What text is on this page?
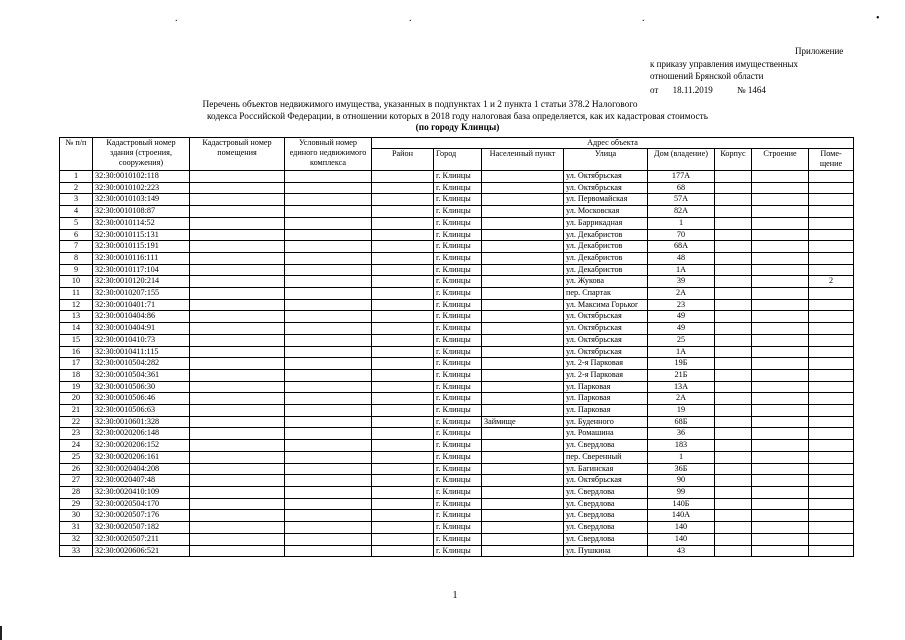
.	.	.	•
Приложение
к приказу управления имущественных
отношений Брянской области
от 18.11.2019	№ 1464
Перечень объектов недвижимого имущества, указанных в подпунктах 1 и 2 пункта 1 статьи 378.2 Налогового
кодекса Российской Федерации, в отношении которых в 2018 году налоговая база определяется, как их кадастровая стоимость
(по городу Клинцы)
№ п/п	Кадастровый номер здания (строения, сооружения)	Кадастровый номер помещения	Условный номер единого недвижимого комплекса	Адрес объекта							
				Район	Город	Населенный пункт	Улица	Дом (владение)	Корпус	Строение	Поме-щение
1	32:30:0010102:118				г. Клинцы		ул. Октябрьская	177А			
2	32:30:0010102:223				г. Клинцы		ул. Октябрьская	68			
3	32:30:0010103:149				г. Клинцы		ул. Первомайская	57А			
4	32:30:0010108:87				г. Клинцы		ул. Московская	82А			
5	32:30:0010114:52				г. Клинцы		ул. Баррикадная	1			
6	32:30:0010115:131				г. Клинцы		ул. Декабристов	70			
7	32:30:0010115:191				г. Клинцы		ул. Декабристов	68А			
8	32:30:0010116:111				г. Клинцы		ул. Декабристов	48			
9	32:30:0010117:104				г. Клинцы		ул. Декабристов	1А			
10	32:30:0010120:214				г. Клинцы		ул. Жукова	39			2
11	32:30:0010207:155				г. Клинцы		пер. Спартак	2А			
12	32:30:0010401:71				г. Клинцы		ул. Максима Горькоr	23			
13	32:30:0010404:86				г. Клинцы		ул. Октябрьская	49			
14	32:30:0010404:91				г. Клинцы		ул. Октябрьская	49			
15	32:30:0010410:73				г. Клинцы		ул. Октябрьская	25			
16	32:30:0010411:115				г. Клинцы		ул. Октябрьская	1А			
17	32:30:0010504:282				г. Клинцы		ул. 2-я Парковая	19Б			
18	32:30:0010504:361				г. Клинцы		ул. 2-я Парковая	21Б			
19	32:30:0010506:30				г. Клинцы		ул. Парковая	13А			
20	32:30:0010506:46				г. Клинцы		ул. Парковая	2А			
21	32:30:0010506:63				г. Клинцы		ул. Парковая	19			
22	32:30:0010601:328				г. Клинцы	Займище	ул. Буденного	68Б			
23	32:30:0020206:148				г. Клинцы		ул. Ромашина	36			
24	32:30:0020206:152				г. Клинцы		ул. Свердлова	183			
25	32:30:0020206:161				г. Клинцы		пер. Свеpенный	1			
26	32:30:0020404:208				г. Клинцы		ул. Багинская	36Б			
27	32:30:0020407:48				г. Клинцы		ул. Октябрьская	90			
28	32:30:0020410:109				г. Клинцы		ул. Свердлова	99			
29	32:30:0020504:170				г. Клинцы		ул. Свердлова	140Б			
30	32:30:0020507:176				г. Клинцы		ул. Свердлова	140А			
31	32:30:0020507:182				г. Клинцы		ул. Свердлова	140			
32	32:30:0020507:211				г. Клинцы		ул. Свердлова	140			
33	32:30:0020606:521				г. Клинцы		ул. Пушкина	43			
1
